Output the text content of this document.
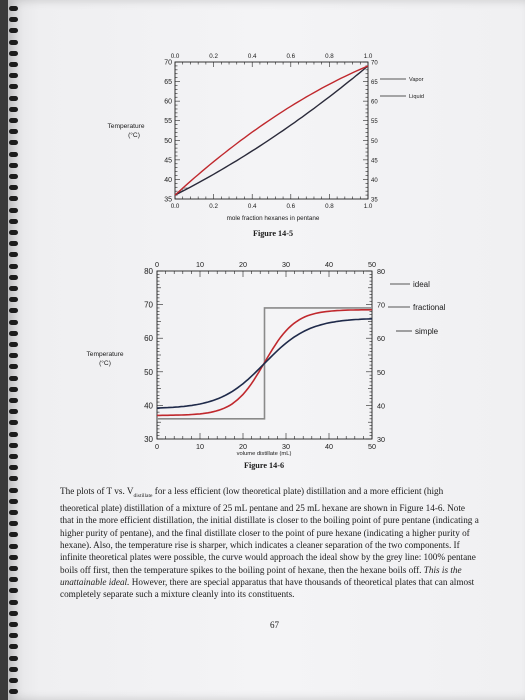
Temperature
(°C)
70
65
60
55
50
45
40
35
70
65
60
55
50
45
40
35
0.0	0.2	0.4	0.6	0.8	1.0
0.0	0.2	0.4	0.6	0.8	1.0
Vapor
Liquid
mole fraction hexanes in pentane
Figure 14-5
Temperature
(°C)
80
70
60
50
40
30
80
70
60
50
40
30
0	10	20	30	40	50
0	10	20	30	40	50
ideal
fractional
simple
volume distillate (mL)
Figure 14-6
The plots of T vs. $V_{distillate}$ for a less efficient (low theoretical plate) distillation and a more efficient (high theoretical plate) distillation of a mixture of 25 mL pentane and 25 mL hexane are shown in Figure 14-6. Note that in the more efficient distillation, the initial distillate is closer to the boiling point of pure pentane (indicating a higher purity of pentane), and the final distillate closer to the point of pure hexane (indicating a higher purity of hexane). Also, the temperature rise is sharper, which indicates a cleaner separation of the two components. If infinite theoretical plates were possible, the curve would approach the ideal show by the grey line: 100% pentane boils off first, then the temperature spikes to the boiling point of hexane, then the hexane boils off. This is the unattainable ideal. However, there are special apparatus that have thousands of theoretical plates that can almost completely separate such a mixture cleanly into its constituents.
67
